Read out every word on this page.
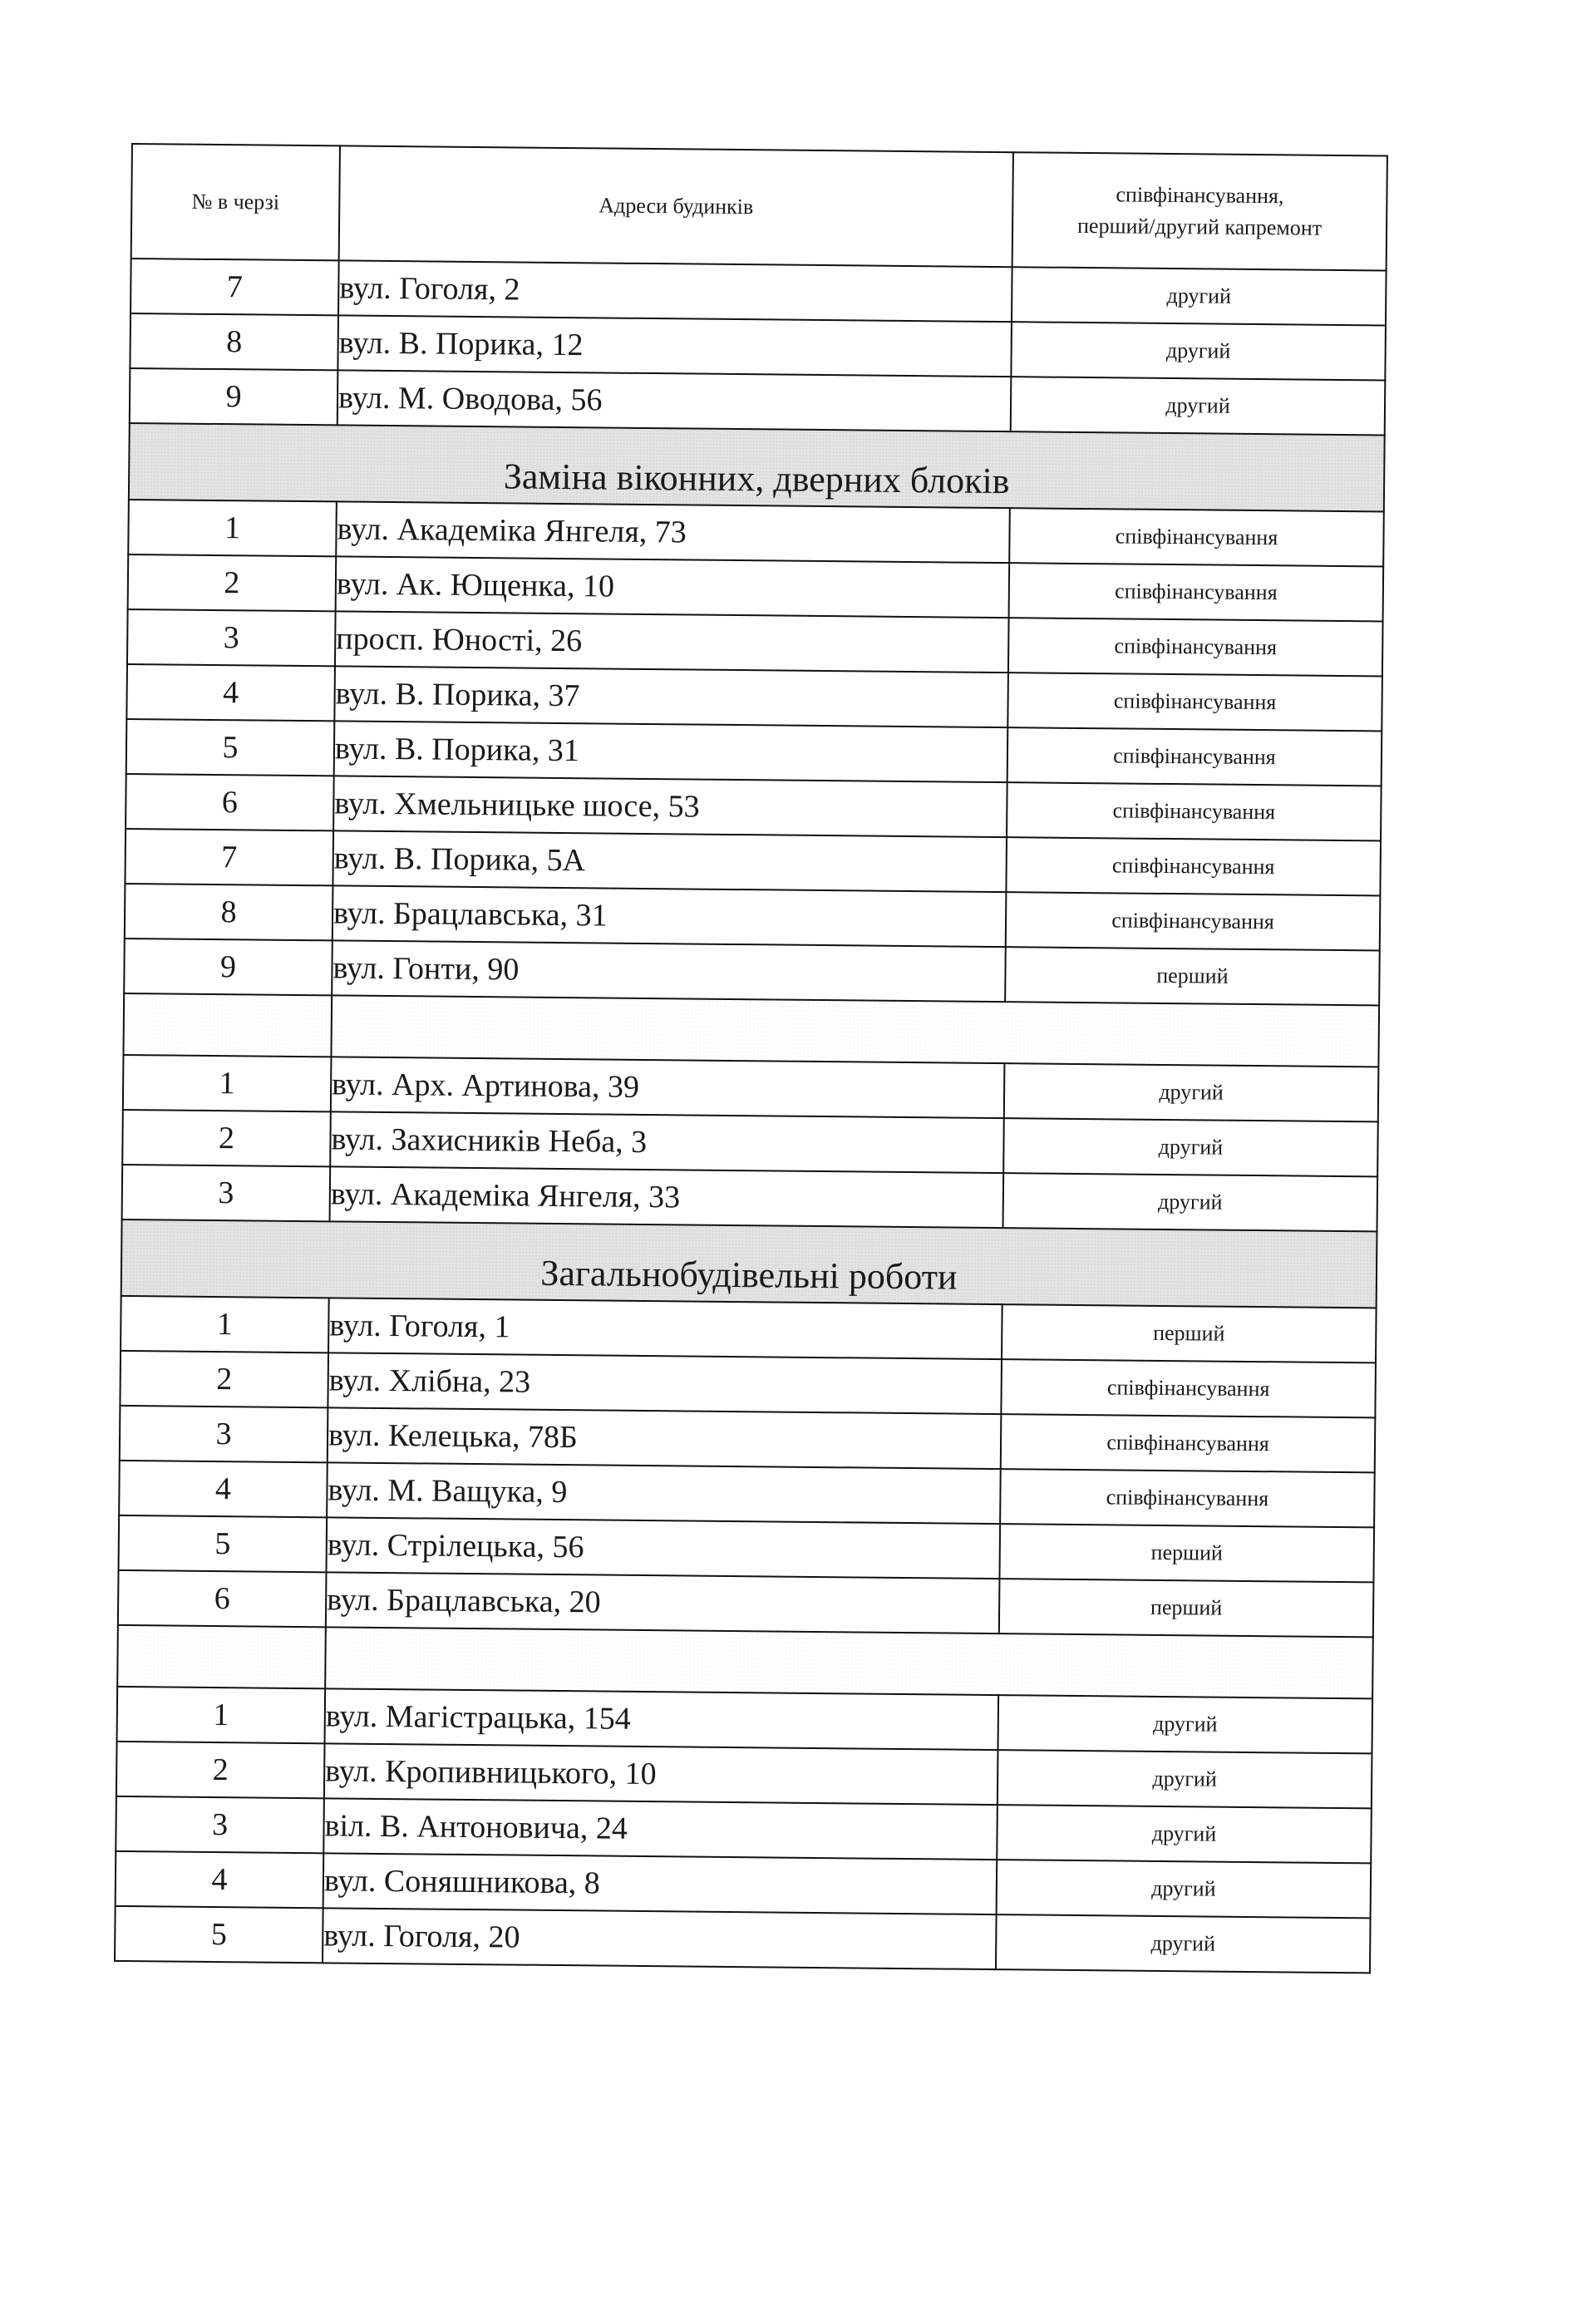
№ в черзі	Адреси будинків	співфінансування,
перший/другий капремонт

7	вул. Гоголя, 2	другий
8	вул. В. Порика, 12	другий
9	вул. М. Оводова, 56	другий
Заміна віконних, дверних блоків		
1	вул. Академіка Янгеля, 73	співфінансування
2	вул. Ак. Ющенка, 10	співфінансування
3	просп. Юності, 26	співфінансування
4	вул. В. Порика, 37	співфінансування
5	вул. В. Порика, 31	співфінансування
6	вул. Хмельницьке шосе, 53	співфінансування
7	вул. В. Порика, 5А	співфінансування
8	вул. Брацлавська, 31	співфінансування
9	вул. Гонти, 90	перший

1	вул. Арх. Артинова, 39	другий
2	вул. Захисників Неба, 3	другий
3	вул. Академіка Янгеля, 33	другий
Загальнобудівельні роботи		
1	вул. Гоголя, 1	перший
2	вул. Хлібна, 23	співфінансування
3	вул. Келецька, 78Б	співфінансування
4	вул. М. Ващука, 9	співфінансування
5	вул. Стрілецька, 56	перший
6	вул. Брацлавська, 20	перший

1	вул. Магістрацька, 154	другий
2	вул. Кропивницького, 10	другий
3	віл. В. Антоновича, 24	другий
4	вул. Соняшникова, 8	другий
5	вул. Гоголя, 20	другий
